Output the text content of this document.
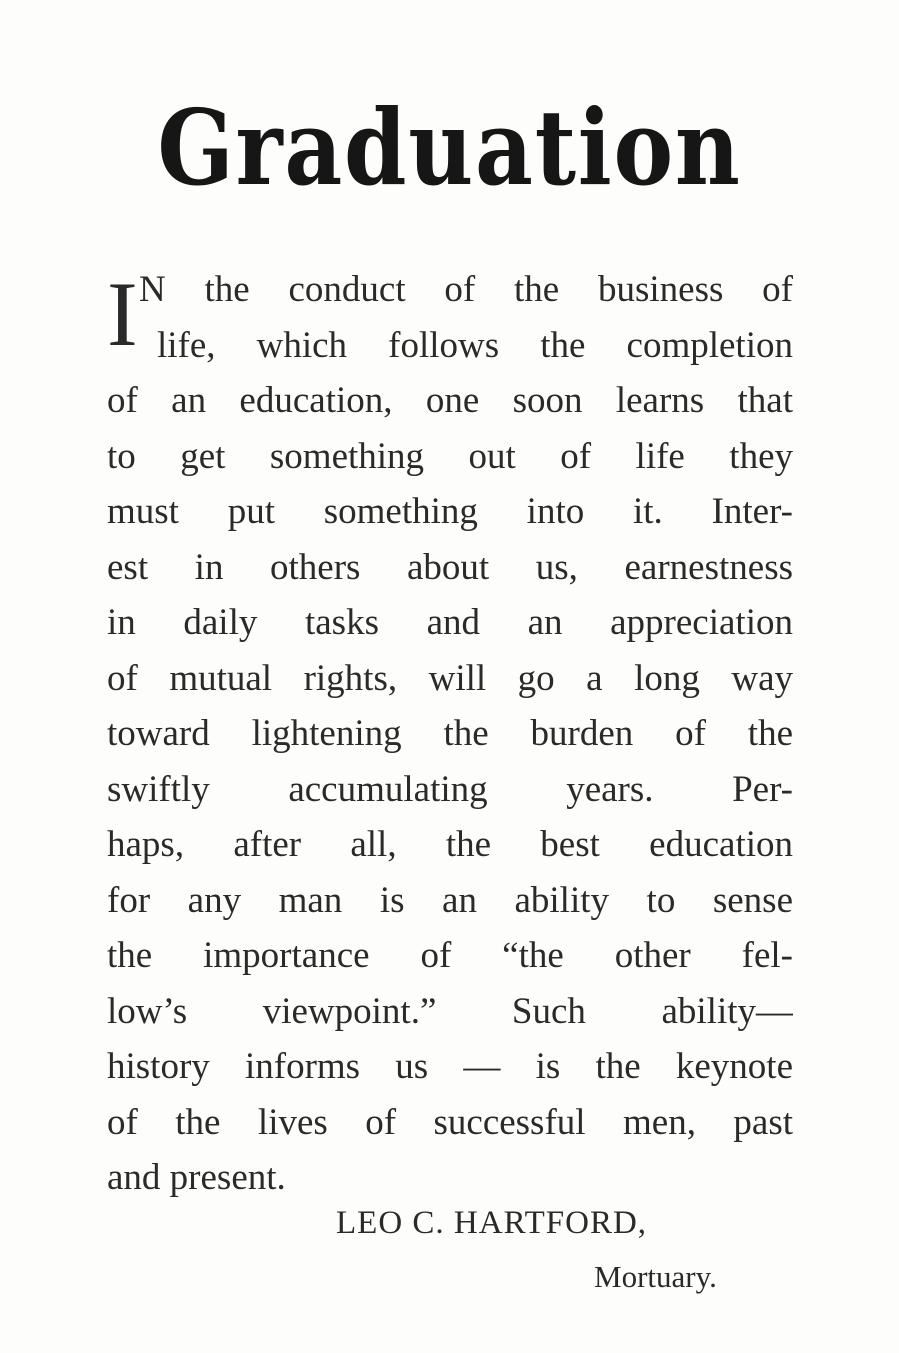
Graduation
I N the conduct of the business of
life, which follows the completion
of an education, one soon learns that
to get something out of life they
must put something into it. Inter-
est in others about us, earnestness
in daily tasks and an appreciation
of mutual rights, will go a long way
toward lightening the burden of the
swiftly accumulating years. Per-
haps, after all, the best education
for any man is an ability to sense
the importance of “the other fel-
low’s viewpoint.” Such ability—
history informs us — is the keynote
of the lives of successful men, past
and present.
LEO C. HARTFORD,
Mortuary.
